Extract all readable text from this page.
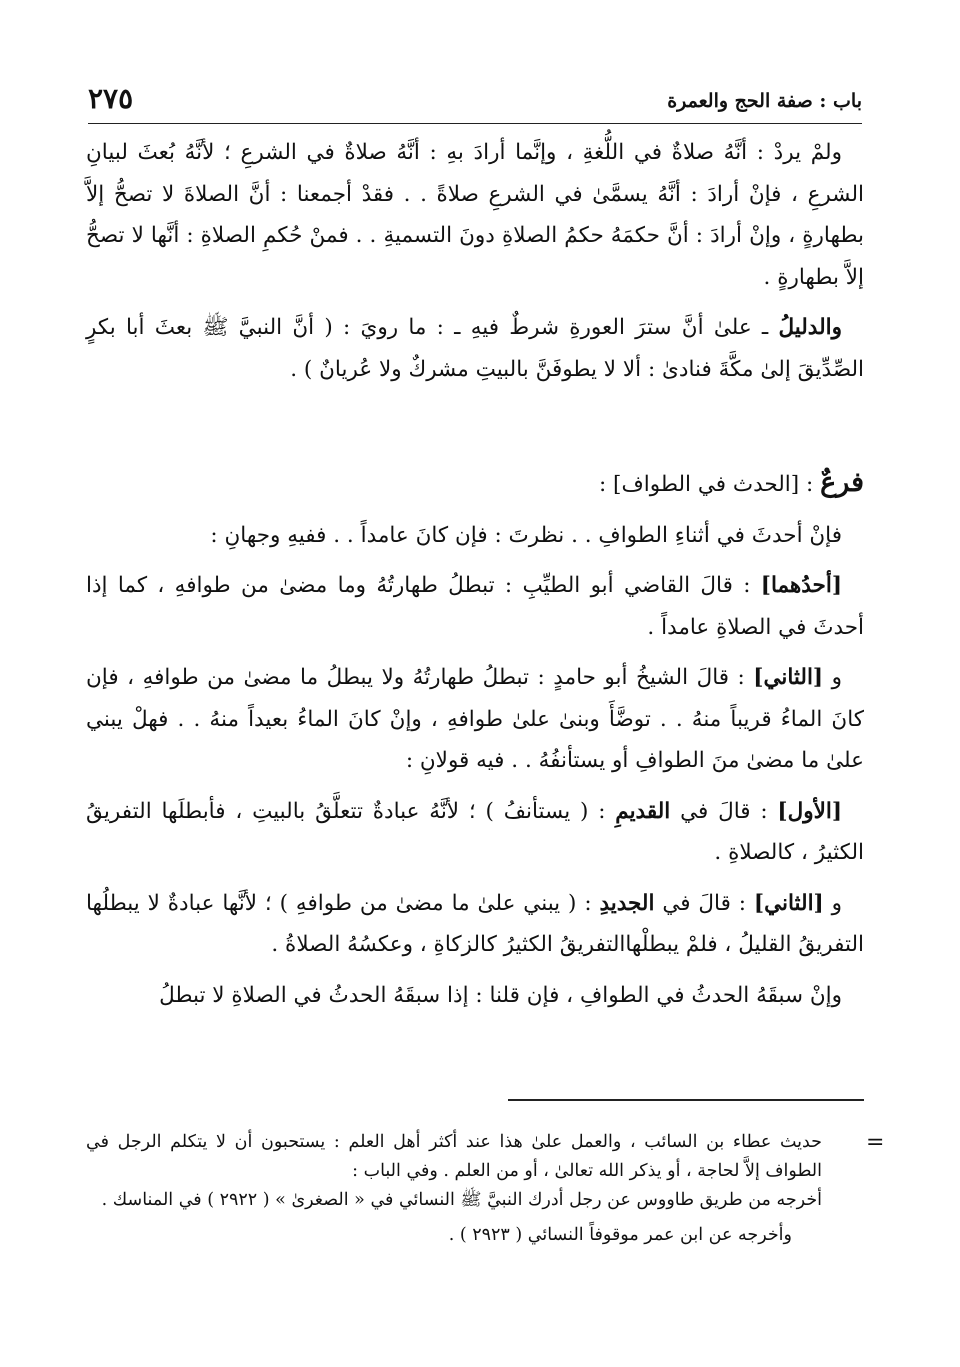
باب : صفة الحج والعمرة
٢٧٥

ولمْ يردْ : أنَّهُ صلاةٌ في اللُّغةِ ، وإنَّما أرادَ بهِ : أنَّهُ صلاةٌ في الشرعِ ؛ لأنَّهُ بُعثَ لبيانِ الشرعِ ، فإنْ أرادَ : أنَّهُ يسمَّىٰ في الشرعِ صلاةً . . فقدْ أجمعنا : أنَّ الصلاةَ لا تصحُّ إلاَّ بطهارةٍ ، وإنْ أرادَ : أنَّ حكمَهُ حكمُ الصلاةِ دونَ التسميةِ . . فمنْ حُكمِ الصلاةِ : أنَّها لا تصحُّ إلاَّ بطهارةٍ .

والدليلُ ـ علىٰ أنَّ سترَ العورةِ شرطٌ فيهِ ـ : ما رويَ : ( أنَّ النبيَّ ﷺ بعثَ أبا بكرٍ الصِّدِّيقَ إلىٰ مكَّةَ فنادىٰ : ألا لا يطوفَنَّ بالبيتِ مشركٌ ولا عُريانٌ ) .

فرعٌ : [الحدث في الطواف] :

فإنْ أحدثَ في أثناءِ الطوافِ . . نظرتَ : فإن كانَ عامداً . . ففيهِ وجهانِ :

[أحدُهما] : قالَ القاضي أبو الطيِّبِ : تبطلُ طهارتُهُ وما مضىٰ من طوافهِ ، كما إذا أحدثَ في الصلاةِ عامداً .

و [الثاني] : قالَ الشيخُ أبو حامدٍ : تبطلُ طهارتُهُ ولا يبطلُ ما مضىٰ من طوافهِ ، فإن كانَ الماءُ قريباً منهُ . . توضَّأَ وبنىٰ علىٰ طوافهِ ، وإنْ كانَ الماءُ بعيداً منهُ . . فهلْ يبني علىٰ ما مضىٰ منَ الطوافِ أو يستأنفُهُ . . فيه قولانِ :

[الأول] : قالَ في القديمِ : ( يستأنفُ ) ؛ لأنَّهُ عبادةٌ تتعلَّقُ بالبيتِ ، فأبطلَها التفريقُ الكثيرُ ، كالصلاةِ .

و [الثاني] : قالَ في الجديدِ : ( يبني علىٰ ما مضىٰ من طوافهِ ) ؛ لأنَّها عبادةٌ لا يبطلُها التفريقُ القليلُ ، فلمْ يبطلْهاالتفريقُ الكثيرُ كالزكاةِ ، وعكسُهُ الصلاةُ .

وإنْ سبقَهُ الحدثُ في الطوافِ ، فإن قلنا : إذا سبقَهُ الحدثُ في الصلاةِ لا تبطلُ

=

حديث عطاء بن السائب ، والعمل علىٰ هذا عند أكثر أهل العلم : يستحبون أن لا يتكلم الرجل في الطواف إلاَّ لحاجة ، أو يذكر الله تعالىٰ ، أو من العلم . وفي الباب :

أخرجه من طريق طاووس عن رجل أدرك النبيَّ ﷺ النسائي في « الصغرىٰ » ( ٢٩٢٢ ) في المناسك .

وأخرجه عن ابن عمر موقوفاً النسائي ( ٢٩٢٣ ) .
